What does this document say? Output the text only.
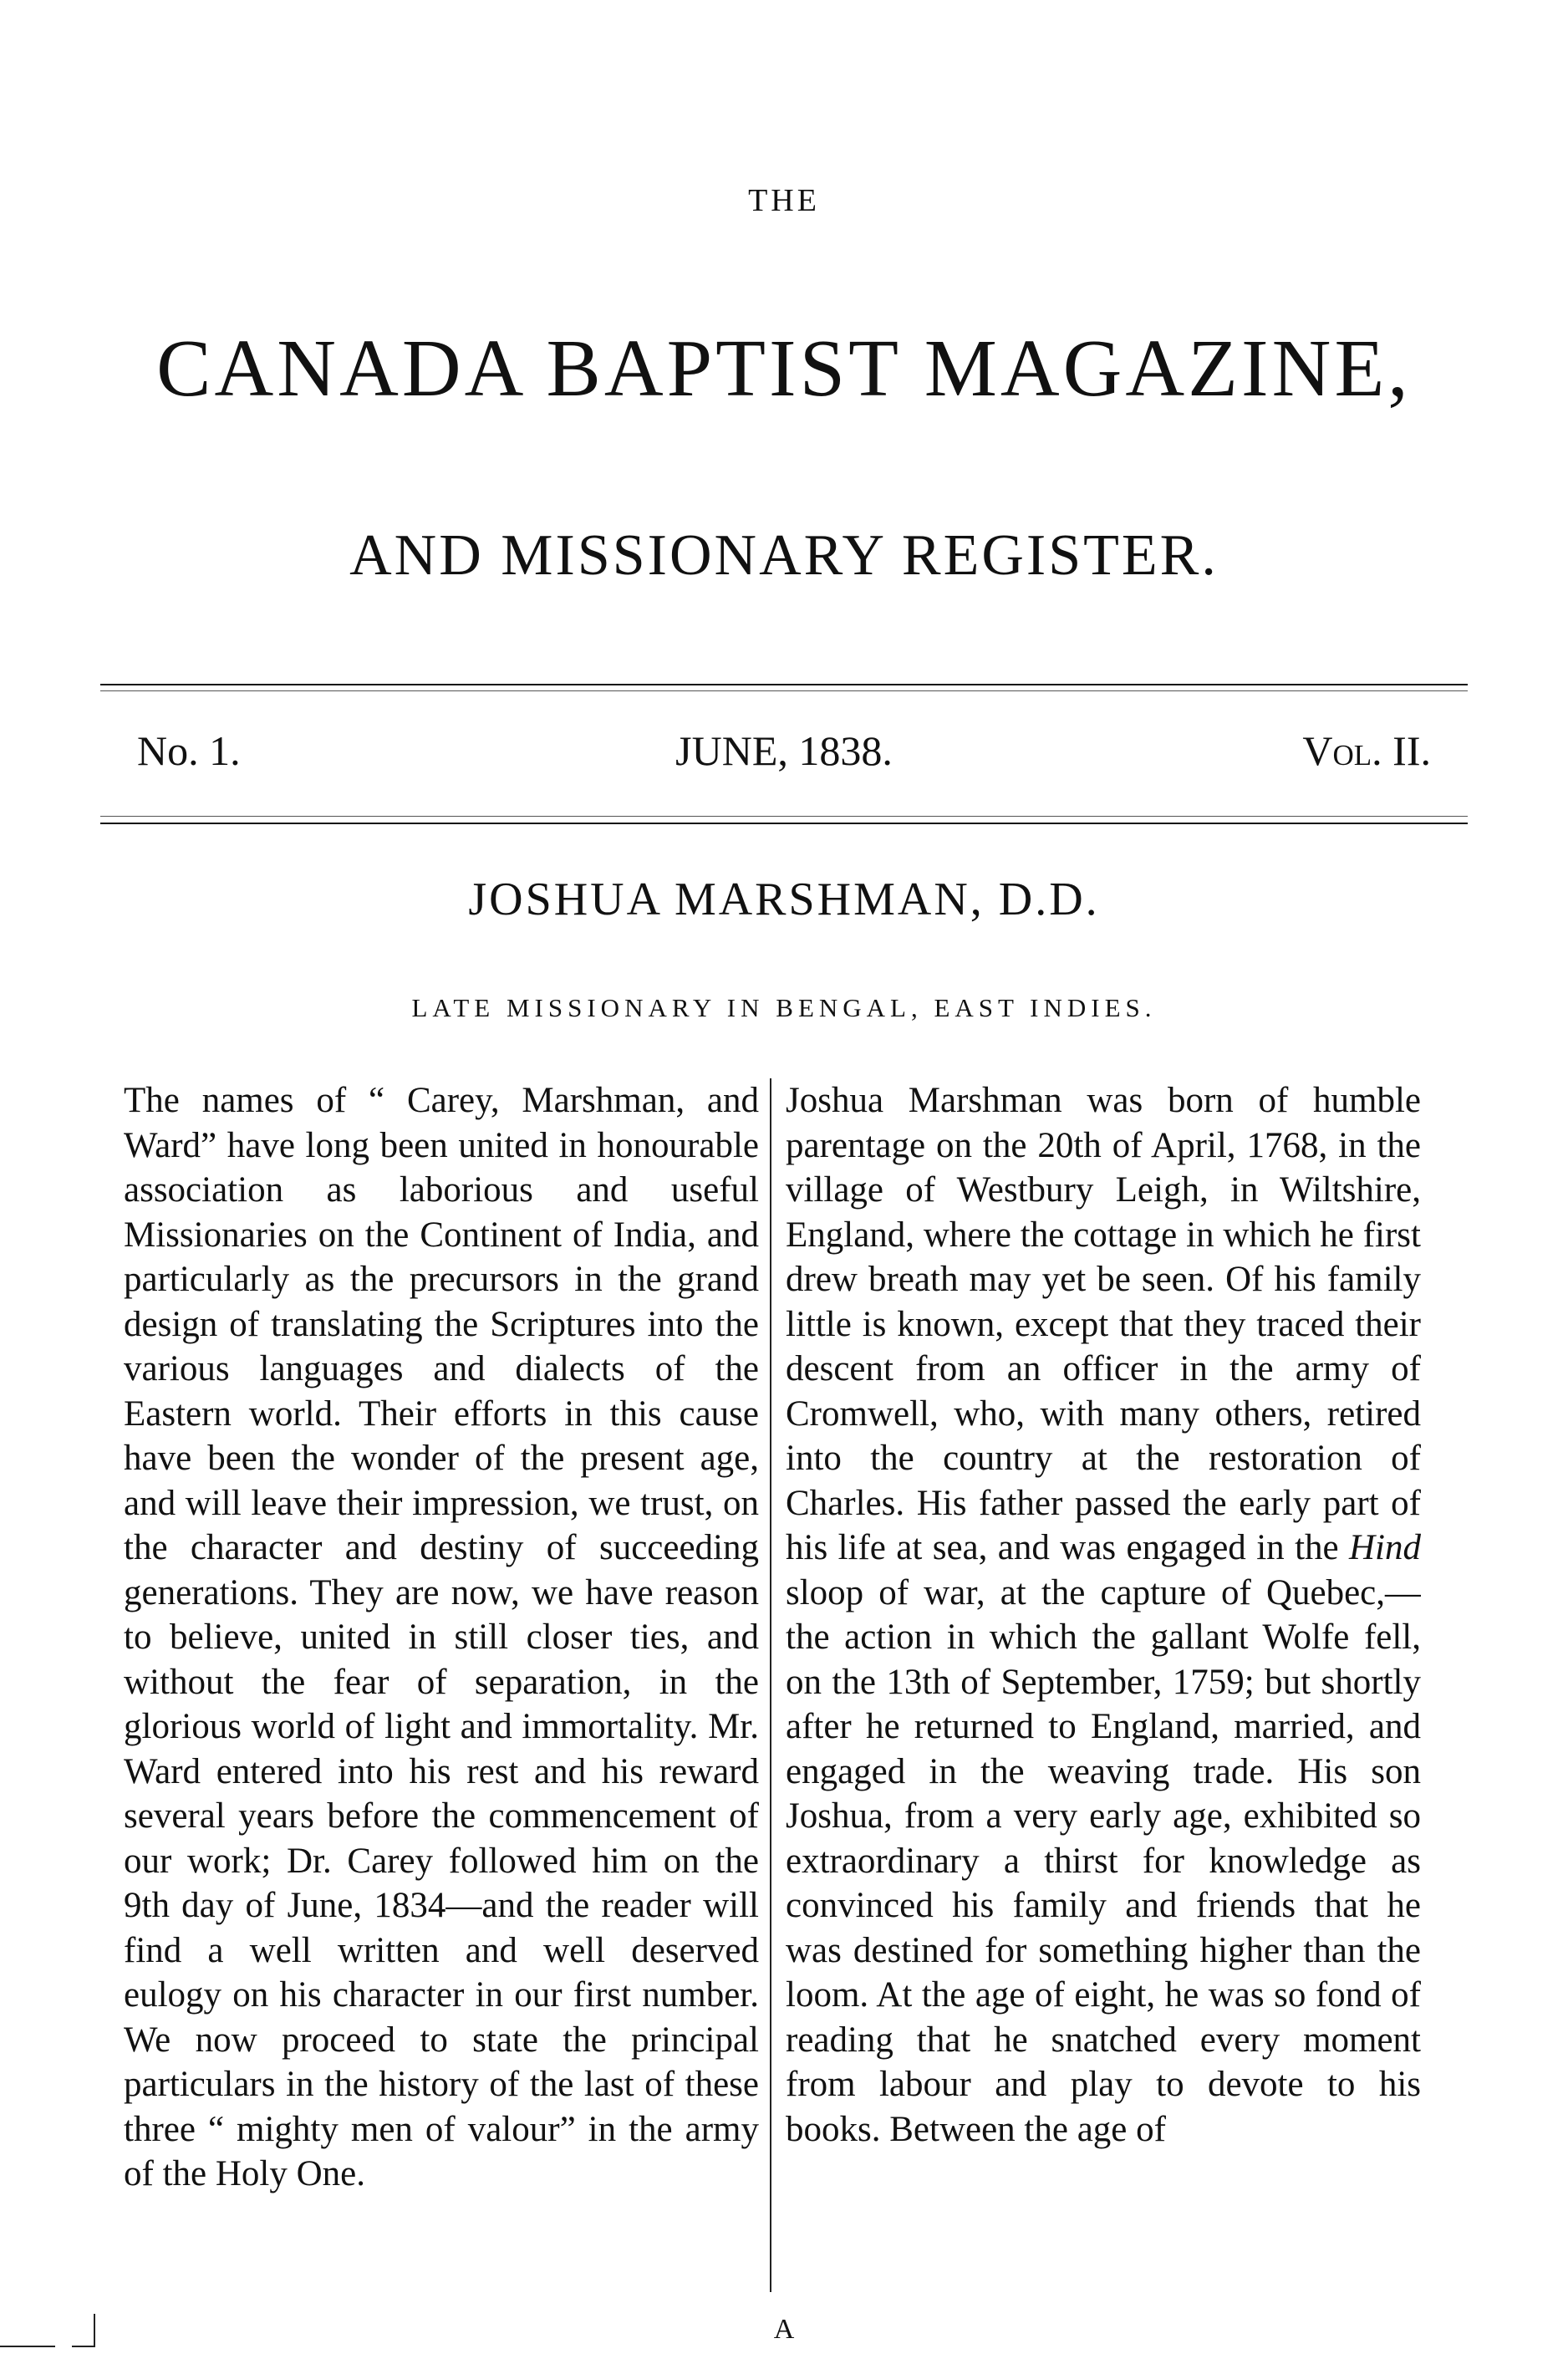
THE
CANADA BAPTIST MAGAZINE,
AND MISSIONARY REGISTER.
JUNE, 1838.
No. 1.	Vol. II.
JOSHUA MARSHMAN, D.D.
LATE MISSIONARY IN BENGAL, EAST INDIES.

The names of “ Carey, Marshman, and Ward” have long been united in honourable association as laborious and useful Missionaries on the Continent of India, and particularly as the precursors in the grand design of translating the Scriptures into the various languages and dialects of the Eastern world. Their efforts in this cause have been the wonder of the present age, and will leave their impression, we trust, on the character and destiny of succeeding generations. They are now, we have reason to believe, united in still closer ties, and without the fear of separation, in the glorious world of light and immortality. Mr. Ward entered into his rest and his reward several years before the commencement of our work; Dr. Carey followed him on the 9th day of June, 1834—and the reader will find a well written and well deserved eulogy on his character in our first number. We now proceed to state the principal particulars in the history of the last of these three “ mighty men of valour” in the army of the Holy One.

Joshua Marshman was born of humble parentage on the 20th of April, 1768, in the village of Westbury Leigh, in Wiltshire, England, where the cottage in which he first drew breath may yet be seen. Of his family little is known, except that they traced their descent from an officer in the army of Cromwell, who, with many others, retired into the country at the restoration of Charles. His father passed the early part of his life at sea, and was engaged in the Hind sloop of war, at the capture of Quebec,—the action in which the gallant Wolfe fell, on the 13th of September, 1759; but shortly after he returned to England, married, and engaged in the weaving trade. His son Joshua, from a very early age, exhibited so extraordinary a thirst for knowledge as convinced his family and friends that he was destined for something higher than the loom. At the age of eight, he was so fond of reading that he snatched every moment from labour and play to devote to his books. Between the age of

A
